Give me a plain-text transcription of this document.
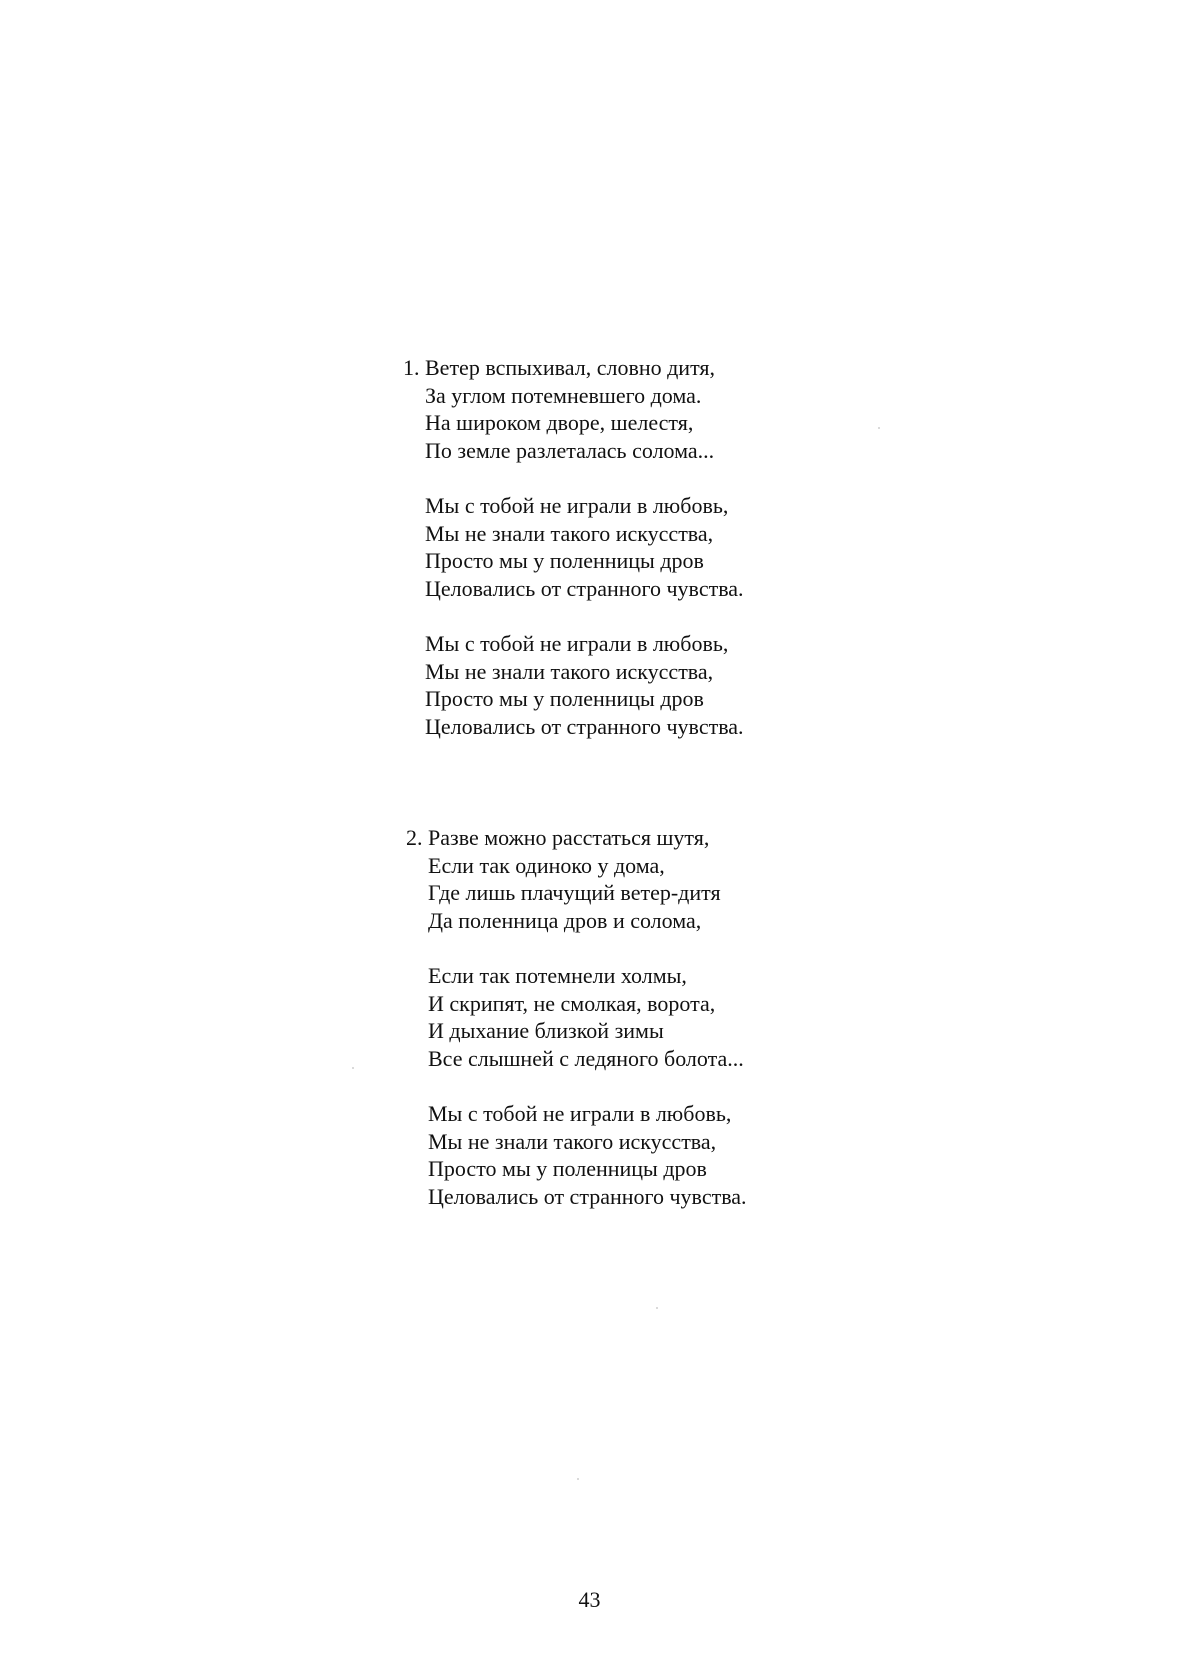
1. Ветер вспыхивал, словно дитя,
За углом потемневшего дома.
На широком дворе, шелестя,
По земле разлеталась солома...
Мы с тобой не играли в любовь,
Мы не знали такого искусства,
Просто мы у поленницы дров
Целовались от странного чувства.
Мы с тобой не играли в любовь,
Мы не знали такого искусства,
Просто мы у поленницы дров
Целовались от странного чувства.
2. Разве можно расстаться шутя,
Если так одиноко у дома,
Где лишь плачущий ветер-дитя
Да поленница дров и солома,
Если так потемнели холмы,
И скрипят, не смолкая, ворота,
И дыхание близкой зимы
Все слышней с ледяного болота...
Мы с тобой не играли в любовь,
Мы не знали такого искусства,
Просто мы у поленницы дров
Целовались от странного чувства.
43
